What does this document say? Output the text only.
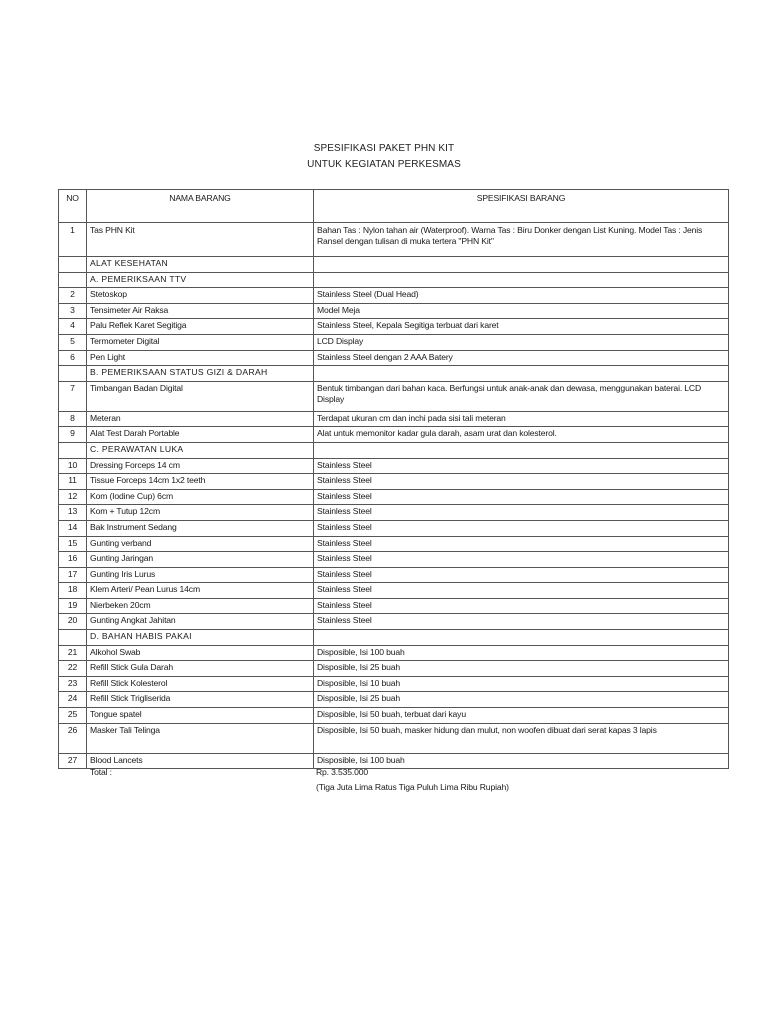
SPESIFIKASI PAKET PHN KIT
UNTUK KEGIATAN PERKESMAS
NO	NAMA BARANG	SPESIFIKASI BARANG
1	Tas PHN Kit	Bahan Tas : Nylon tahan air (Waterproof). Warna Tas : Biru Donker dengan List Kuning. Model Tas : Jenis Ransel dengan tulisan di muka tertera "PHN Kit"
	ALAT KESEHATAN	
	A. PEMERIKSAAN TTV	
2	Stetoskop	Stainless Steel (Dual Head)
3	Tensimeter Air Raksa	Model Meja
4	Palu Reflek Karet Segitiga	Stainless Steel, Kepala Segitiga terbuat dari karet
5	Termometer Digital	LCD Display
6	Pen Light	Stainless Steel dengan 2 AAA Batery
	B. PEMERIKSAAN STATUS GIZI & DARAH	
7	Timbangan Badan Digital	Bentuk timbangan dari bahan kaca. Berfungsi untuk anak-anak dan dewasa, menggunakan baterai. LCD Display
8	Meteran	Terdapat ukuran cm dan inchi pada sisi tali meteran
9	Alat Test Darah Portable	Alat untuk memonitor kadar gula darah, asam urat dan kolesterol.
	C. PERAWATAN LUKA	
10	Dressing Forceps 14 cm	Stainless Steel
11	Tissue Forceps 14cm 1x2 teeth	Stainless Steel
12	Kom (Iodine Cup) 6cm	Stainless Steel
13	Kom + Tutup 12cm	Stainless Steel
14	Bak Instrument Sedang	Stainless Steel
15	Gunting verband	Stainless Steel
16	Gunting Jaringan	Stainless Steel
17	Gunting Iris Lurus	Stainless Steel
18	Klem Arteri/ Pean Lurus 14cm	Stainless Steel
19	Nierbeken 20cm	Stainless Steel
20	Gunting Angkat Jahitan	Stainless Steel
	D. BAHAN HABIS PAKAI	
21	Alkohol Swab	Disposible, Isi 100 buah
22	Refill Stick Gula Darah	Disposible, Isi 25 buah
23	Refill Stick Kolesterol	Disposible, Isi 10 buah
24	Refill Stick Trigliserida	Disposible, Isi 25 buah
25	Tongue spatel	Disposible, Isi 50 buah, terbuat dari kayu
26	Masker Tali Telinga	Disposible, Isi 50 buah, masker hidung dan mulut, non woofen dibuat dari serat kapas 3 lapis
27	Blood Lancets	Disposible, Isi 100 buah
Total :	Rp. 3.535.000
(Tiga Juta Lima Ratus Tiga Puluh Lima Ribu Rupiah)
